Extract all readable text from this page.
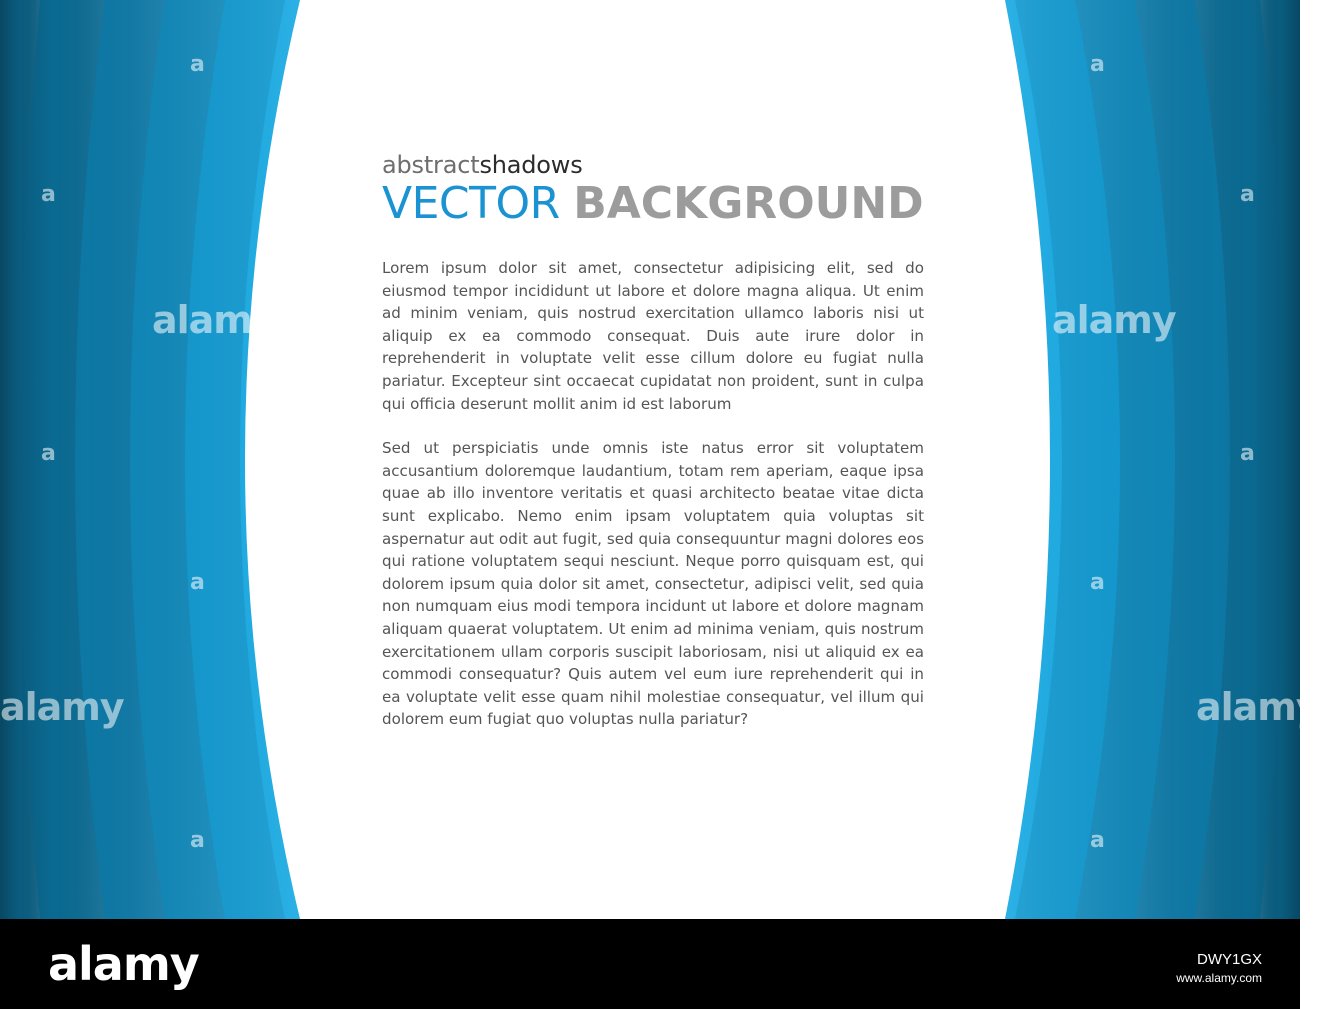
abstractshadows
VECTOR BACKGROUND

Lorem ipsum dolor sit amet, consectetur adipisicing elit, sed do eiusmod tempor incididunt ut labore et dolore magna aliqua. Ut enim ad minim veniam, quis nostrud exercitation ullamco laboris nisi ut aliquip ex ea commodo consequat. Duis aute irure dolor in reprehenderit in voluptate velit esse cillum dolore eu fugiat nulla pariatur. Excepteur sint occaecat cupidatat non proident, sunt in culpa qui officia deserunt mollit anim id est laborum

Sed ut perspiciatis unde omnis iste natus error sit voluptatem accusantium doloremque laudantium, totam rem aperiam, eaque ipsa quae ab illo inventore veritatis et quasi architecto beatae vitae dicta sunt explicabo. Nemo enim ipsam voluptatem quia voluptas sit aspernatur aut odit aut fugit, sed quia consequuntur magni dolores eos qui ratione voluptatem sequi nesciunt. Neque porro quisquam est, qui dolorem ipsum quia dolor sit amet, consectetur, adipisci velit, sed quia non numquam eius modi tempora incidunt ut labore et dolore magnam aliquam quaerat voluptatem. Ut enim ad minima veniam, quis nostrum exercitationem ullam corporis suscipit laboriosam, nisi ut aliquid ex ea commodi consequatur? Quis autem vel eum iure reprehenderit qui in ea voluptate velit esse quam nihil molestiae consequatur, vel illum qui dolorem eum fugiat quo voluptas nulla pariatur?

alamy	alamy
alamy	alamy
a	a
a	a
a	a
a	a
a	a
alamy	DWY1GX
www.alamy.com
